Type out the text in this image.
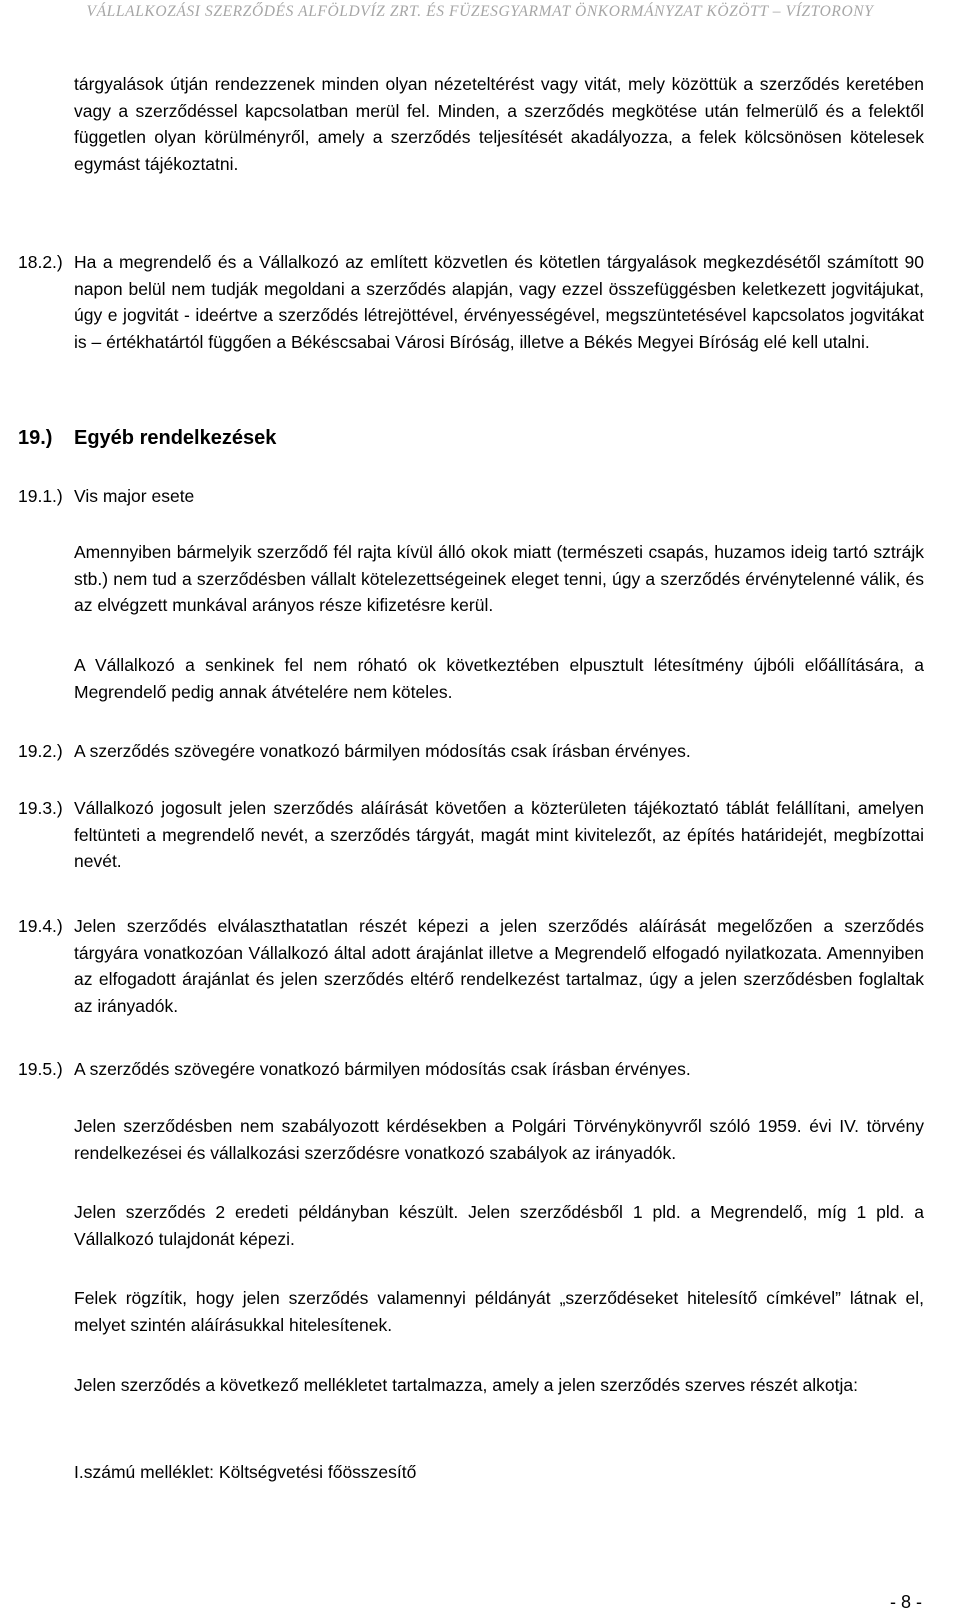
VÁLLALKOZÁSI SZERZŐDÉS ALFÖLDVÍZ ZRT. ÉS FÜZESGYARMAT ÖNKORMÁNYZAT KÖZÖTT – VÍZTORONY
tárgyalások útján rendezzenek minden olyan nézeteltérést vagy vitát, mely közöttük a szerződés keretében vagy a szerződéssel kapcsolatban merül fel. Minden, a szerződés megkötése után felmerülő és a felektől független olyan körülményről, amely a szerződés teljesítését akadályozza, a felek kölcsönösen kötelesek egymást tájékoztatni.
18.2.) Ha a megrendelő és a Vállalkozó az említett közvetlen és kötetlen tárgyalások megkezdésétől számított 90 napon belül nem tudják megoldani a szerződés alapján, vagy ezzel összefüggésben keletkezett jogvitájukat, úgy e jogvitát - ideértve a szerződés létrejöttével, érvényességével, megszüntetésével kapcsolatos jogvitákat is – értékhatártól függően a Békéscsabai Városi Bíróság, illetve a Békés Megyei Bíróság elé kell utalni.
19.) Egyéb rendelkezések
19.1.) Vis major esete
Amennyiben bármelyik szerződő fél rajta kívül álló okok miatt (természeti csapás, huzamos ideig tartó sztrájk stb.) nem tud a szerződésben vállalt kötelezettségeinek eleget tenni, úgy a szerződés érvénytelenné válik, és az elvégzett munkával arányos része kifizetésre kerül.
A Vállalkozó a senkinek fel nem róható ok következtében elpusztult létesítmény újbóli előállítására, a Megrendelő pedig annak átvételére nem köteles.
19.2.) A szerződés szövegére vonatkozó bármilyen módosítás csak írásban érvényes.
19.3.) Vállalkozó jogosult jelen szerződés aláírását követően a közterületen tájékoztató táblát felállítani, amelyen feltünteti a megrendelő nevét, a szerződés tárgyát, magát mint kivitelezőt, az építés határidejét, megbízottai nevét.
19.4.) Jelen szerződés elválaszthatatlan részét képezi a jelen szerződés aláírását megelőzően a szerződés tárgyára vonatkozóan Vállalkozó által adott árajánlat illetve a Megrendelő elfogadó nyilatkozata. Amennyiben az elfogadott árajánlat és jelen szerződés eltérő rendelkezést tartalmaz, úgy a jelen szerződésben foglaltak az irányadók.
19.5.) A szerződés szövegére vonatkozó bármilyen módosítás csak írásban érvényes.
Jelen szerződésben nem szabályozott kérdésekben a Polgári Törvénykönyvről szóló 1959. évi IV. törvény rendelkezései és vállalkozási szerződésre vonatkozó szabályok az irányadók.
Jelen szerződés 2 eredeti példányban készült. Jelen szerződésből 1 pld. a Megrendelő, míg 1 pld. a Vállalkozó tulajdonát képezi.
Felek rögzítik, hogy jelen szerződés valamennyi példányát „szerződéseket hitelesítő címkével” látnak el, melyet szintén aláírásukkal hitelesítenek.
Jelen szerződés a következő mellékletet tartalmazza, amely a jelen szerződés szerves részét alkotja:
I.számú melléklet: Költségvetési főösszesítő
- 8 -
